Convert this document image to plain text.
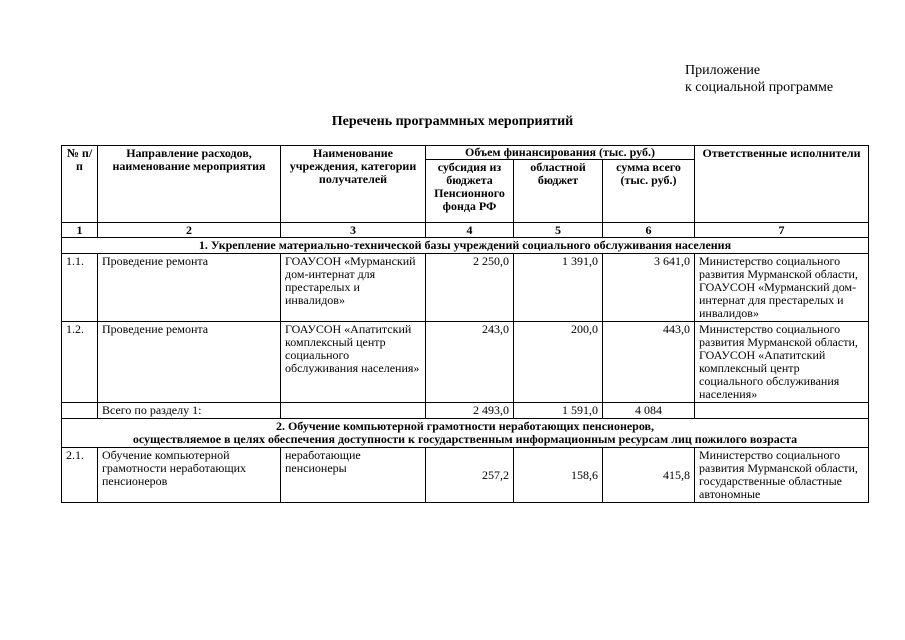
Приложение
к социальной программе
Перечень программных мероприятий
№ п/п	Направление расходов, наименование мероприятия	Наименование учреждения, категории получателей	Объем финансирования (тыс. руб.)			Ответственные исполнители
			субсидия из бюджета Пенсионного фонда РФ	областной бюджет	сумма всего (тыс. руб.)	
1	2	3	4	5	6	7
1. Укрепление материально-технической базы учреждений социального обслуживания населения						
1.1.	Проведение ремонта	ГОАУСОН «Мурманский дом-интернат для престарелых и инвалидов»	2 250,0	1 391,0	3 641,0	Министерство социального развития Мурманской области, ГОАУСОН «Мурманский дом-интернат для престарелых и инвалидов»
1.2.	Проведение ремонта	ГОАУСОН «Апатитский комплексный центр социального обслуживания населения»	243,0	200,0	443,0	Министерство социального развития Мурманской области, ГОАУСОН «Апатитский комплексный центр социального обслуживания населения»
	Всего по разделу 1:		2 493,0	1 591,0	4 084	

2. Обучение компьютерной грамотности неработающих пенсионеров,
осуществляемое в целях обеспечения доступности к государственным информационным ресурсам лиц пожилого возраста						

2.1.	Обучение компьютерной грамотности неработающих пенсионеров	неработающие пенсионеры	257,2	158,6	415,8	Министерство социального развития Мурманской области, государственные областные автономные
